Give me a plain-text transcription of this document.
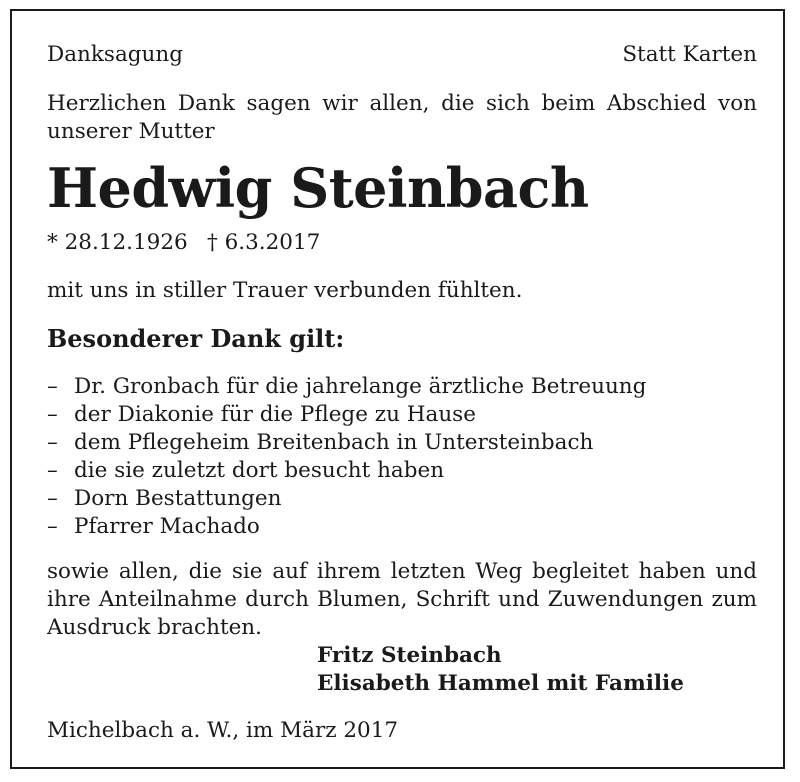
Danksagung	Statt Karten
Herzlichen Dank sagen wir allen, die sich beim Abschied von unserer Mutter
Hedwig Steinbach
* 28.12.1926 † 6.3.2017
mit uns in stiller Trauer verbunden fühlten.
Besonderer Dank gilt:
– Dr. Gronbach für die jahrelange ärztliche Betreuung
– der Diakonie für die Pflege zu Hause
– dem Pflegeheim Breitenbach in Untersteinbach
– die sie zuletzt dort besucht haben
– Dorn Bestattungen
– Pfarrer Machado
sowie allen, die sie auf ihrem letzten Weg begleitet haben und ihre Anteilnahme durch Blumen, Schrift und Zuwendungen zum Ausdruck brachten.
Fritz Steinbach
Elisabeth Hammel mit Familie
Michelbach a. W., im März 2017
